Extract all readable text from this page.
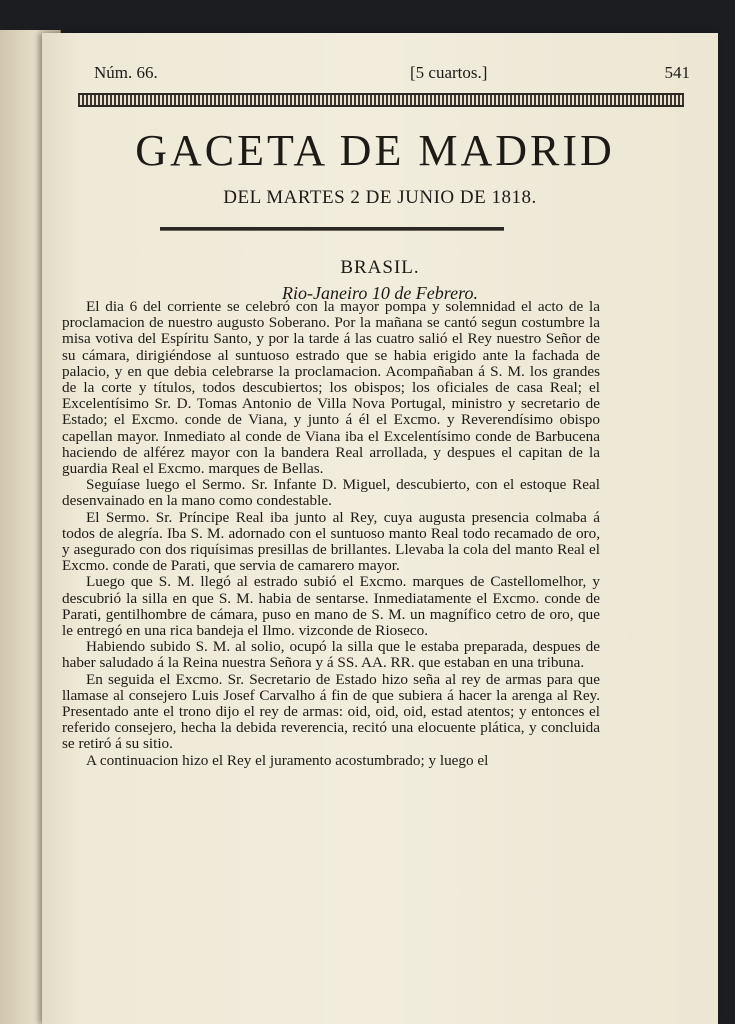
Núm. 66.	[5 cuartos.]	541
GACETA DE MADRID
DEL MARTES 2 DE JUNIO DE 1818.
BRASIL.
Rio-Janeiro 10 de Febrero.

El dia 6 del corriente se celebró con la mayor pompa y solemnidad el acto de la proclamacion de nuestro augusto Soberano. Por la mañana se cantó segun costumbre la misa votiva del Espíritu Santo, y por la tarde á las cuatro salió el Rey nuestro Señor de su cámara, dirigiéndose al suntuoso estrado que se habia erigido ante la fachada de palacio, y en que debia celebrarse la proclamacion. Acompañaban á S. M. los grandes de la corte y títulos, todos descubiertos; los obispos; los oficiales de casa Real; el Excelentísimo Sr. D. Tomas Antonio de Villa Nova Portugal, ministro y secretario de Estado; el Excmo. conde de Viana, y junto á él el Excmo. y Reverendísimo obispo capellan mayor. Inmediato al conde de Viana iba el Excelentísimo conde de Barbucena haciendo de alférez mayor con la bandera Real arrollada, y despues el capitan de la guardia Real el Excmo. marques de Bellas.

Seguíase luego el Sermo. Sr. Infante D. Miguel, descubierto, con el estoque Real desenvainado en la mano como condestable.

El Sermo. Sr. Príncipe Real iba junto al Rey, cuya augusta presencia colmaba á todos de alegría. Iba S. M. adornado con el suntuoso manto Real todo recamado de oro, y asegurado con dos riquísimas presillas de brillantes. Llevaba la cola del manto Real el Excmo. conde de Parati, que servia de camarero mayor.

Luego que S. M. llegó al estrado subió el Excmo. marques de Castellomelhor, y descubrió la silla en que S. M. habia de sentarse. Inmediatamente el Excmo. conde de Parati, gentilhombre de cámara, puso en mano de S. M. un magnífico cetro de oro, que le entregó en una rica bandeja el Ilmo. vizconde de Rioseco.

Habiendo subido S. M. al solio, ocupó la silla que le estaba preparada, despues de haber saludado á la Reina nuestra Señora y á SS. AA. RR. que estaban en una tribuna.

En seguida el Excmo. Sr. Secretario de Estado hizo seña al rey de armas para que llamase al consejero Luis Josef Carvalho á fin de que subiera á hacer la arenga al Rey. Presentado ante el trono dijo el rey de armas: oid, oid, oid, estad atentos; y entonces el referido consejero, hecha la debida reverencia, recitó una elocuente plática, y concluida se retiró á su sitio.

A continuacion hizo el Rey el juramento acostumbrado; y luego el
